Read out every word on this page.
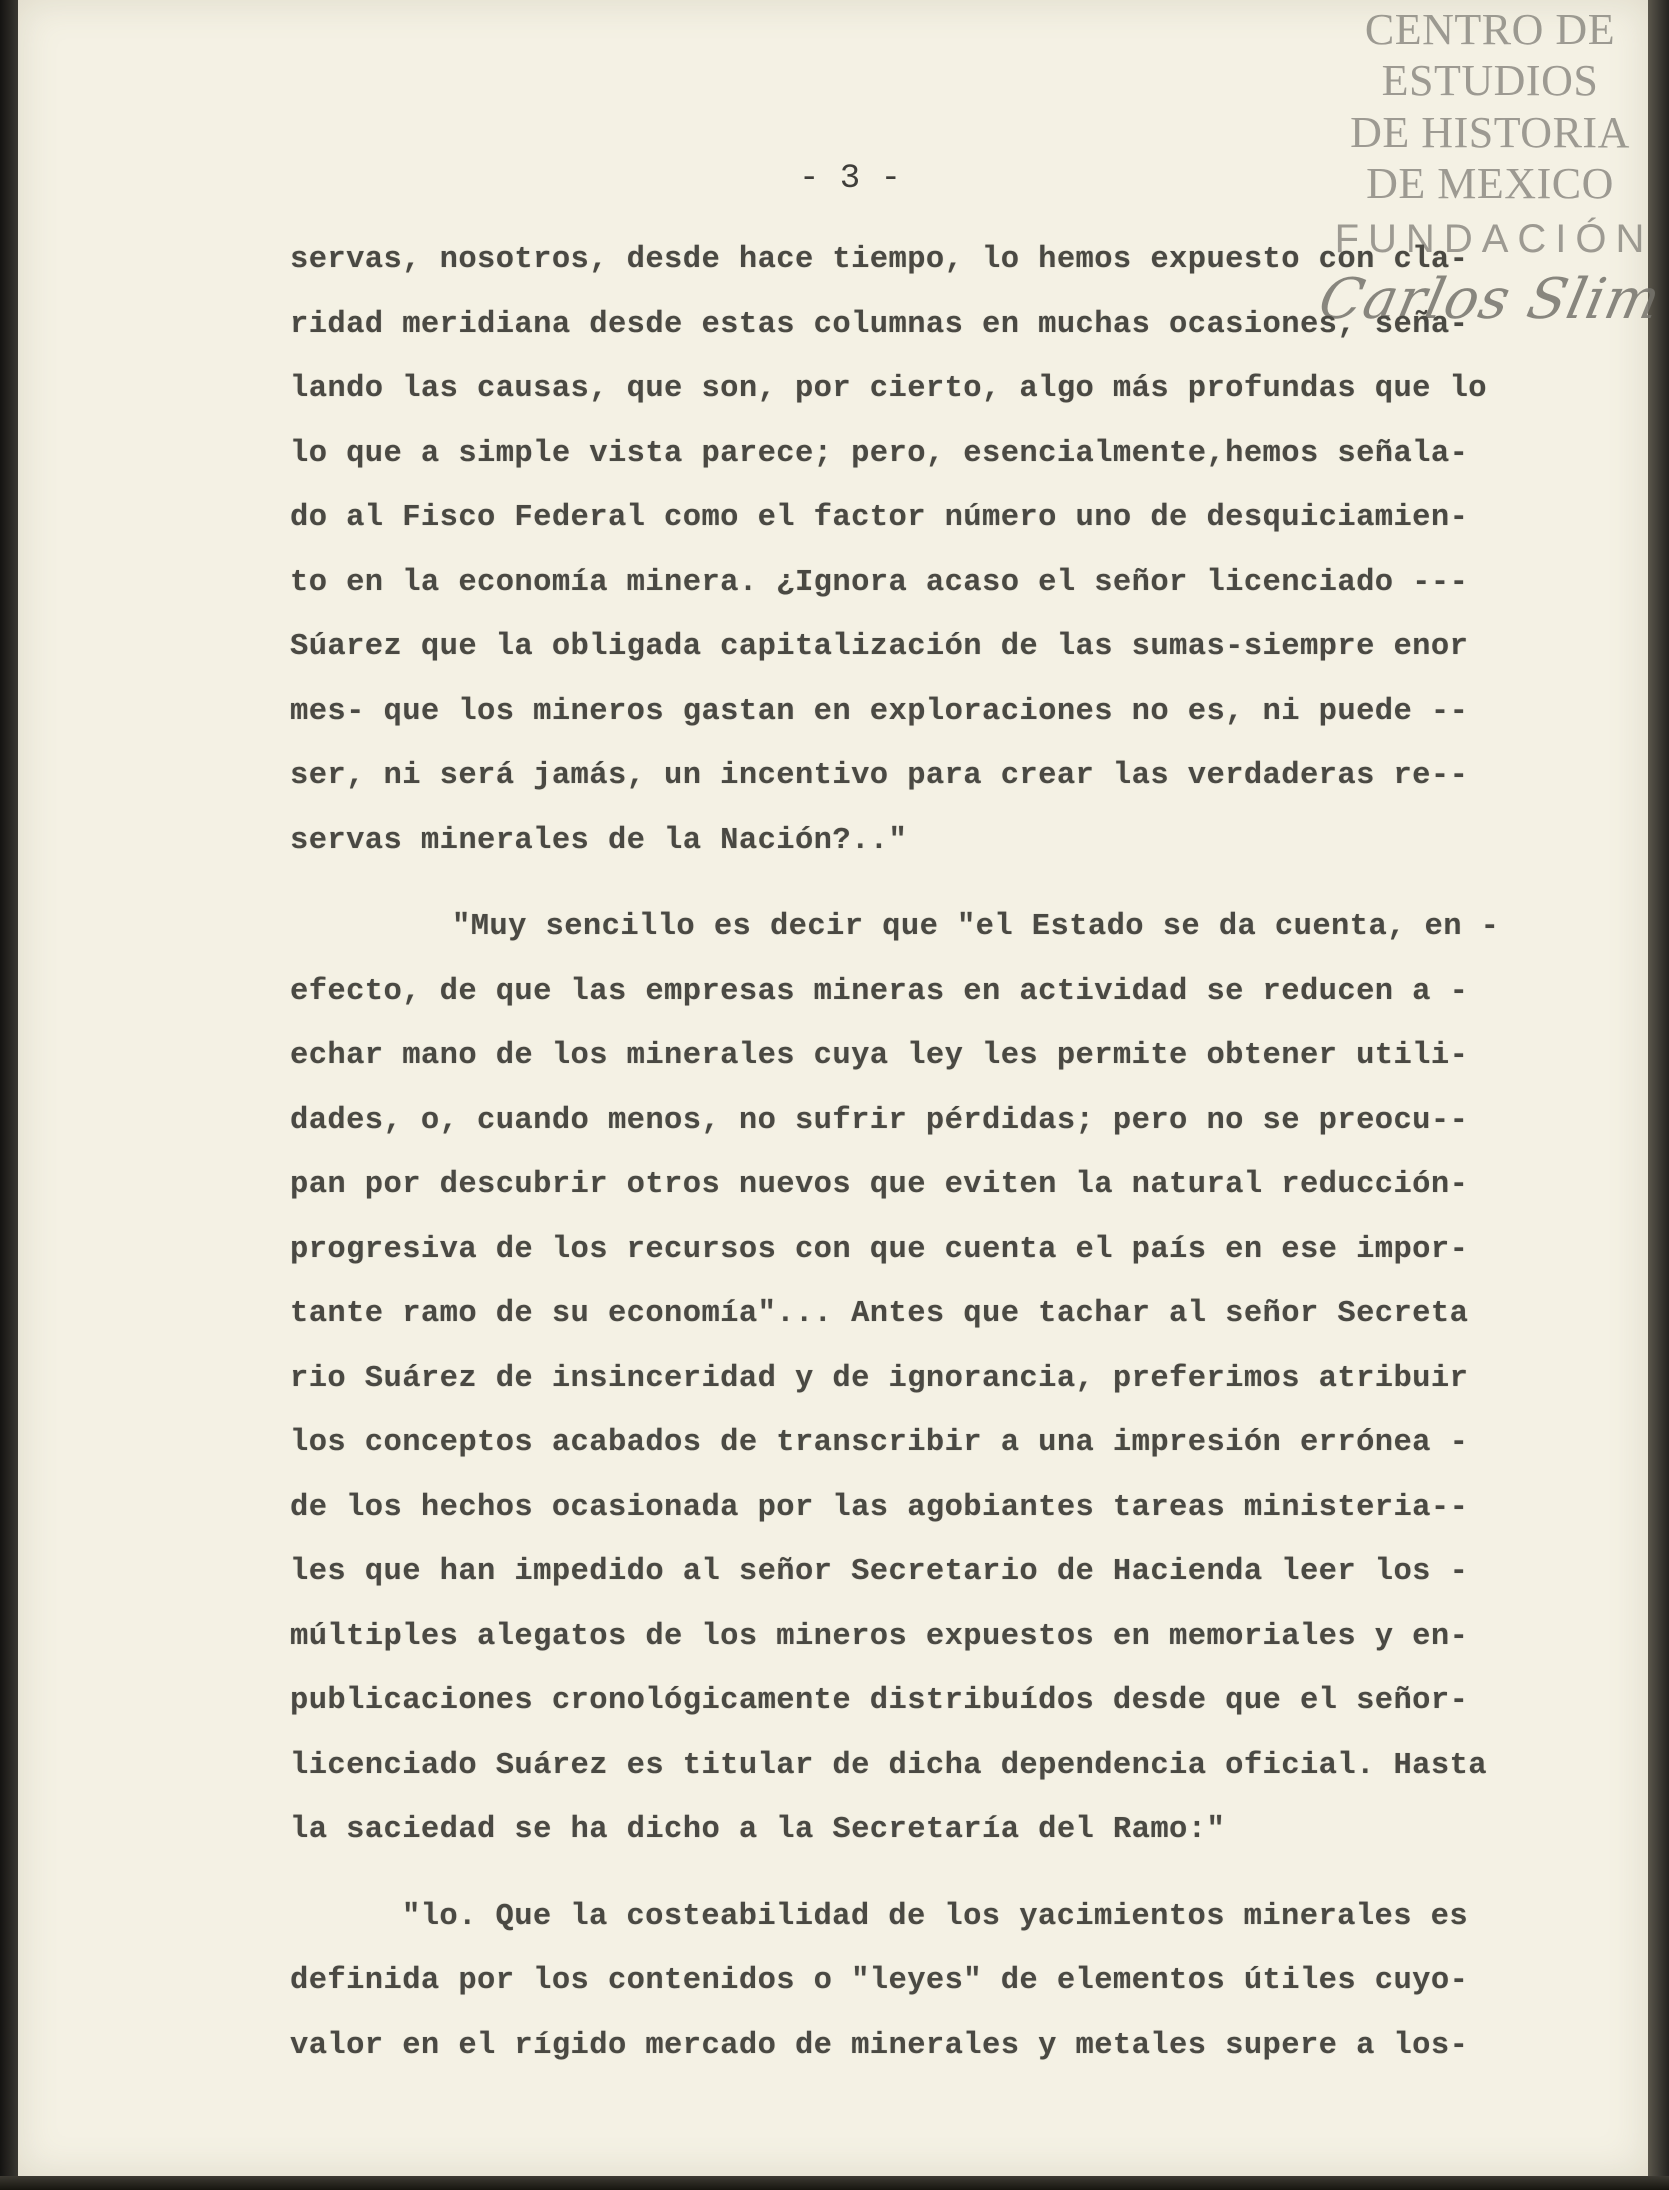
CENTRO DE
ESTUDIOS
DE HISTORIA
DE MEXICO
FUNDACIÓN
Carlos Slim
- 3 -
servas, nosotros, desde hace tiempo, lo hemos expuesto con cla-
ridad meridiana desde estas columnas en muchas ocasiones, seña-
lando las causas, que son, por cierto, algo más profundas que lo
lo que a simple vista parece; pero, esencialmente,hemos señala-
do al Fisco Federal como el factor número uno de desquiciamien-
to en la economía minera. ¿Ignora acaso el señor licenciado ---
Súarez que la obligada capitalización de las sumas-siempre enor
mes- que los mineros gastan en exploraciones no es, ni puede --
ser, ni será jamás, un incentivo para crear las verdaderas re--
servas minerales de la Nación?.."
"Muy sencillo es decir que "el Estado se da cuenta, en -
efecto, de que las empresas mineras en actividad se reducen a -
echar mano de los minerales cuya ley les permite obtener utili-
dades, o, cuando menos, no sufrir pérdidas; pero no se preocu--
pan por descubrir otros nuevos que eviten la natural reducción-
progresiva de los recursos con que cuenta el país en ese impor-
tante ramo de su economía"... Antes que tachar al señor Secreta
rio Suárez de insinceridad y de ignorancia, preferimos atribuir
los conceptos acabados de transcribir a una impresión errónea -
de los hechos ocasionada por las agobiantes tareas ministeria--
les que han impedido al señor Secretario de Hacienda leer los -
múltiples alegatos de los mineros expuestos en memoriales y en-
publicaciones cronológicamente distribuídos desde que el señor-
licenciado Suárez es titular de dicha dependencia oficial. Hasta
la saciedad se ha dicho a la Secretaría del Ramo:"
"lo. Que la costeabilidad de los yacimientos minerales es
definida por los contenidos o "leyes" de elementos útiles cuyo-
valor en el rígido mercado de minerales y metales supere a los-
